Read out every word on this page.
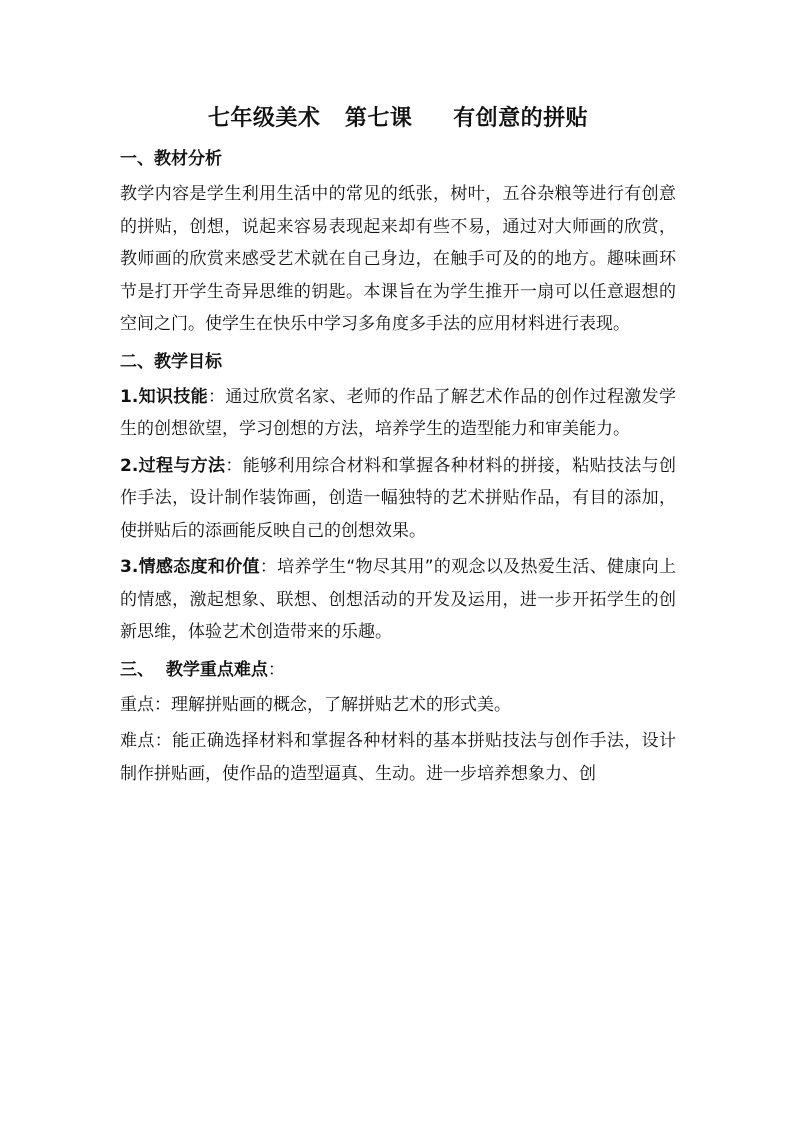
七年级美术   第七课     有创意的拼贴
一、教材分析

教学内容是学生利用生活中的常见的纸张，树叶，五谷杂粮等进行有创意的拼贴，创想，说起来容易表现起来却有些不易，通过对大师画的欣赏，教师画的欣赏来感受艺术就在自己身边，在触手可及的的地方。趣味画环节是打开学生奇异思维的钥匙。本课旨在为学生推开一扇可以任意遐想的空间之门。使学生在快乐中学习多角度多手法的应用材料进行表现。

二、教学目标

1.知识技能：通过欣赏名家、老师的作品了解艺术作品的创作过程激发学生的创想欲望，学习创想的方法，培养学生的造型能力和审美能力。

2.过程与方法：能够利用综合材料和掌握各种材料的拼接，粘贴技法与创作手法，设计制作装饰画，创造一幅独特的艺术拼贴作品，有目的添加，使拼贴后的添画能反映自己的创想效果。

3.情感态度和价值：培养学生“物尽其用”的观念以及热爱生活、健康向上的情感，激起想象、联想、创想活动的开发及运用，进一步开拓学生的创新思维，体验艺术创造带来的乐趣。

三、  教学重点难点：

重点：理解拼贴画的概念，了解拼贴艺术的形式美。

难点：能正确选择材料和掌握各种材料的基本拼贴技法与创作手法，设计制作拼贴画，使作品的造型逼真、生动。进一步培养想象力、创
